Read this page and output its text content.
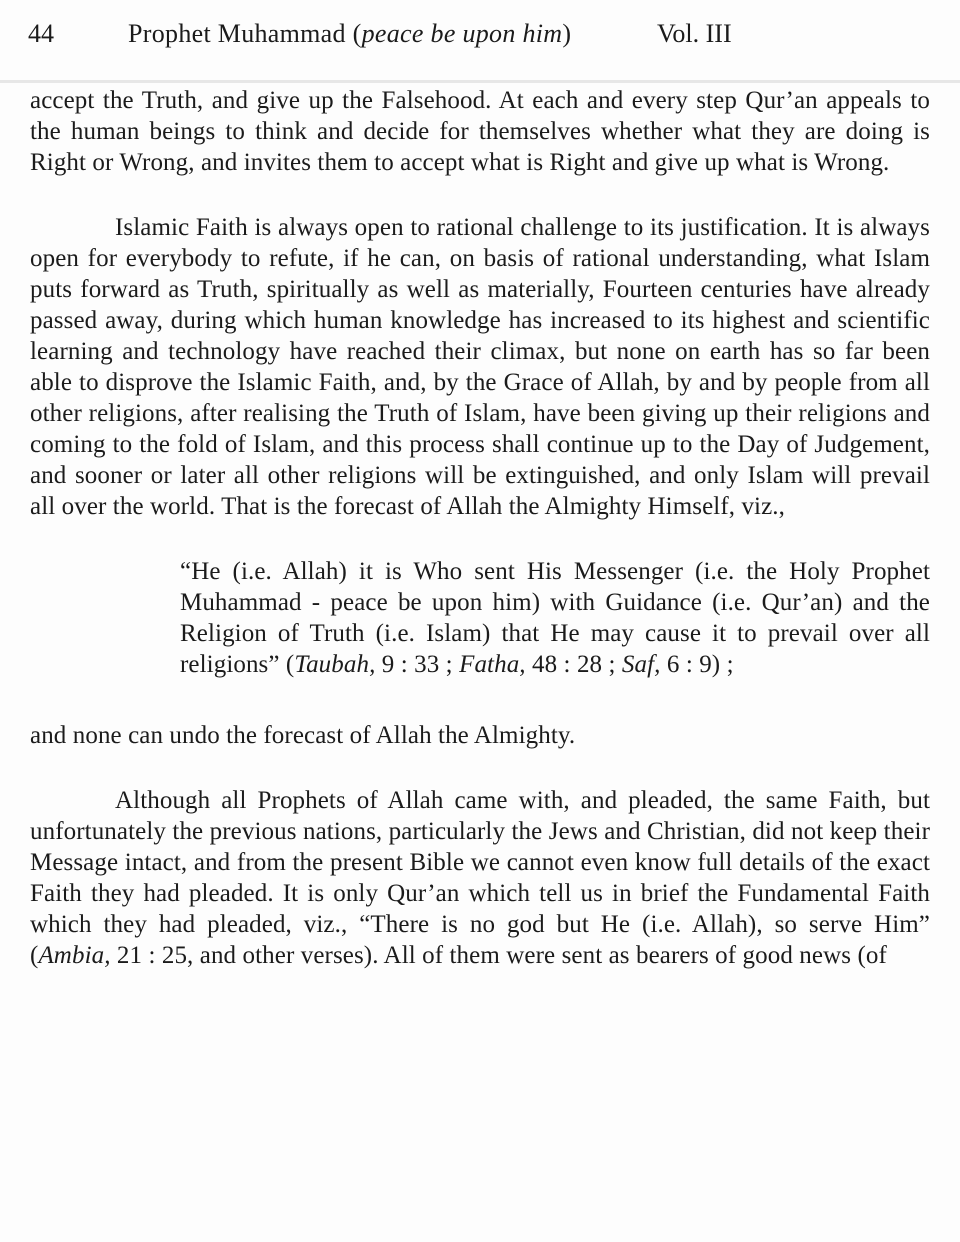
44	Prophet Muhammad (peace be upon him)	Vol. III

accept the Truth, and give up the Falsehood. At each and every step Qur’an appeals to the human beings to think and decide for themselves whether what they are doing is Right or Wrong, and invites them to accept what is Right and give up what is Wrong.

Islamic Faith is always open to rational challenge to its justification. It is always open for everybody to refute, if he can, on basis of rational understanding, what Islam puts forward as Truth, spiritually as well as materially, Fourteen centuries have already passed away, during which human knowledge has increased to its highest and scientific learning and technology have reached their climax, but none on earth has so far been able to disprove the Islamic Faith, and, by the Grace of Allah, by and by people from all other religions, after realising the Truth of Islam, have been giving up their religions and coming to the fold of Islam, and this process shall continue up to the Day of Judgement, and sooner or later all other religions will be extinguished, and only Islam will prevail all over the world. That is the forecast of Allah the Almighty Himself, viz.,

“He (i.e. Allah) it is Who sent His Messenger (i.e. the Holy Prophet Muhammad - peace be upon him) with Guidance (i.e. Qur’an) and the Religion of Truth (i.e. Islam) that He may cause it to prevail over all religions” (Taubah, 9 : 33 ; Fatha, 48 : 28 ; Saf, 6 : 9) ;

and none can undo the forecast of Allah the Almighty.

Although all Prophets of Allah came with, and pleaded, the same Faith, but unfortunately the previous nations, particularly the Jews and Christian, did not keep their Message intact, and from the present Bible we cannot even know full details of the exact Faith they had pleaded. It is only Qur’an which tell us in brief the Fundamental Faith which they had pleaded, viz., “There is no god but He (i.e. Allah), so serve Him” (Ambia, 21 : 25, and other verses). All of them were sent as bearers of good news (of
